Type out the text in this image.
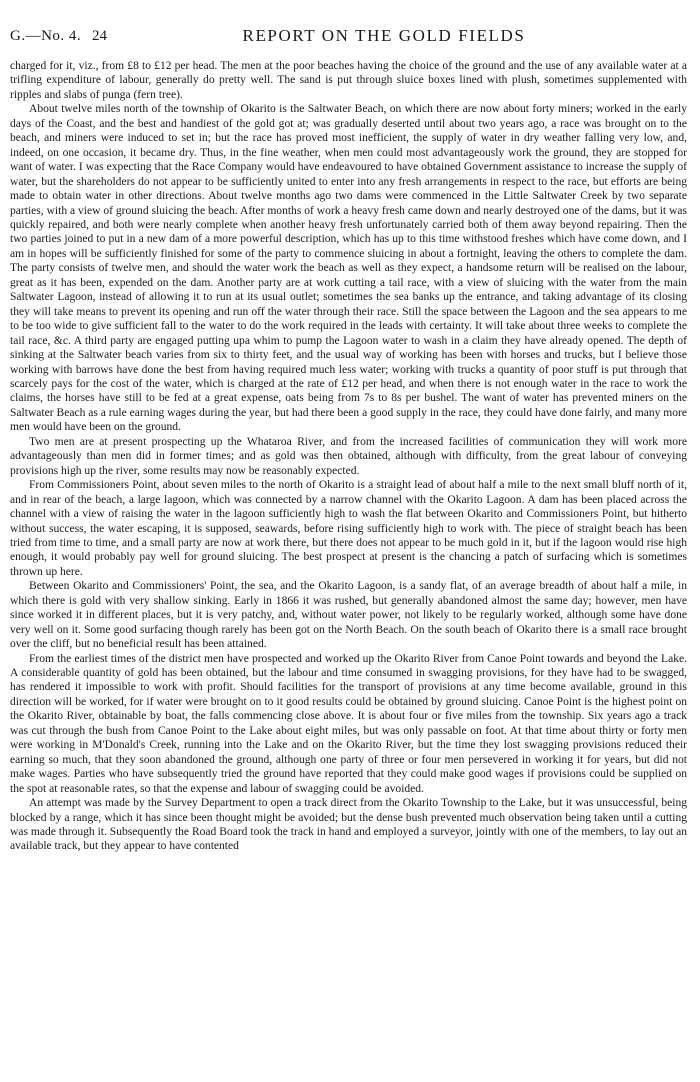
G.—No. 4. 24	REPORT ON THE GOLD FIELDS

charged for it, viz., from £8 to £12 per head. The men at the poor beaches having the choice of the ground and the use of any available water at a trifling expenditure of labour, generally do pretty well. The sand is put through sluice boxes lined with plush, sometimes supplemented with ripples and slabs of punga (fern tree).

About twelve miles north of the township of Okarito is the Saltwater Beach, on which there are now about forty miners; worked in the early days of the Coast, and the best and handiest of the gold got at; was gradually deserted until about two years ago, a race was brought on to the beach, and miners were induced to set in; but the race has proved most inefficient, the supply of water in dry weather falling very low, and, indeed, on one occasion, it became dry. Thus, in the fine weather, when men could most advantageously work the ground, they are stopped for want of water. I was expecting that the Race Company would have endeavoured to have obtained Government assistance to increase the supply of water, but the shareholders do not appear to be sufficiently united to enter into any fresh arrangements in respect to the race, but efforts are being made to obtain water in other directions. About twelve months ago two dams were commenced in the Little Saltwater Creek by two separate parties, with a view of ground sluicing the beach. After months of work a heavy fresh came down and nearly destroyed one of the dams, but it was quickly repaired, and both were nearly complete when another heavy fresh unfortunately carried both of them away beyond repairing. Then the two parties joined to put in a new dam of a more powerful description, which has up to this time withstood freshes which have come down, and I am in hopes will be sufficiently finished for some of the party to commence sluicing in about a fortnight, leaving the others to complete the dam. The party consists of twelve men, and should the water work the beach as well as they expect, a handsome return will be realised on the labour, great as it has been, expended on the dam. Another party are at work cutting a tail race, with a view of sluicing with the water from the main Saltwater Lagoon, instead of allowing it to run at its usual outlet; sometimes the sea banks up the entrance, and taking advantage of its closing they will take means to prevent its opening and run off the water through their race. Still the space between the Lagoon and the sea appears to me to be too wide to give sufficient fall to the water to do the work required in the leads with certainty. It will take about three weeks to complete the tail race, &c. A third party are engaged putting upa whim to pump the Lagoon water to wash in a claim they have already opened. The depth of sinking at the Saltwater beach varies from six to thirty feet, and the usual way of working has been with horses and trucks, but I believe those working with barrows have done the best from having required much less water; working with trucks a quantity of poor stuff is put through that scarcely pays for the cost of the water, which is charged at the rate of £12 per head, and when there is not enough water in the race to work the claims, the horses have still to be fed at a great expense, oats being from 7s to 8s per bushel. The want of water has prevented miners on the Saltwater Beach as a rule earning wages during the year, but had there been a good supply in the race, they could have done fairly, and many more men would have been on the ground.

Two men are at present prospecting up the Whataroa River, and from the increased facilities of communication they will work more advantageously than men did in former times; and as gold was then obtained, although with difficulty, from the great labour of conveying provisions high up the river, some results may now be reasonably expected.

From Commissioners Point, about seven miles to the north of Okarito is a straight lead of about half a mile to the next small bluff north of it, and in rear of the beach, a large lagoon, which was connected by a narrow channel with the Okarito Lagoon. A dam has been placed across the channel with a view of raising the water in the lagoon sufficiently high to wash the flat between Okarito and Commissioners Point, but hitherto without success, the water escaping, it is supposed, seawards, before rising sufficiently high to work with. The piece of straight beach has been tried from time to time, and a small party are now at work there, but there does not appear to be much gold in it, but if the lagoon would rise high enough, it would probably pay well for ground sluicing. The best prospect at present is the chancing a patch of surfacing which is sometimes thrown up here.

Between Okarito and Commissioners' Point, the sea, and the Okarito Lagoon, is a sandy flat, of an average breadth of about half a mile, in which there is gold with very shallow sinking. Early in 1866 it was rushed, but generally abandoned almost the same day; however, men have since worked it in different places, but it is very patchy, and, without water power, not likely to be regularly worked, although some have done very well on it. Some good surfacing though rarely has been got on the North Beach. On the south beach of Okarito there is a small race brought over the cliff, but no beneficial result has been attained.

From the earliest times of the district men have prospected and worked up the Okarito River from Canoe Point towards and beyond the Lake. A considerable quantity of gold has been obtained, but the labour and time consumed in swagging provisions, for they have had to be swagged, has rendered it impossible to work with profit. Should facilities for the transport of provisions at any time become available, ground in this direction will be worked, for if water were brought on to it good results could be obtained by ground sluicing. Canoe Point is the highest point on the Okarito River, obtainable by boat, the falls commencing close above. It is about four or five miles from the township. Six years ago a track was cut through the bush from Canoe Point to the Lake about eight miles, but was only passable on foot. At that time about thirty or forty men were working in M'Donald's Creek, running into the Lake and on the Okarito River, but the time they lost swagging provisions reduced their earning so much, that they soon abandoned the ground, although one party of three or four men persevered in working it for years, but did not make wages. Parties who have subsequently tried the ground have reported that they could make good wages if provisions could be supplied on the spot at reasonable rates, so that the expense and labour of swagging could be avoided.

An attempt was made by the Survey Department to open a track direct from the Okarito Township to the Lake, but it was unsuccessful, being blocked by a range, which it has since been thought might be avoided; but the dense bush prevented much observation being taken until a cutting was made through it. Subsequently the Road Board took the track in hand and employed a surveyor, jointly with one of the members, to lay out an available track, but they appear to have contented
